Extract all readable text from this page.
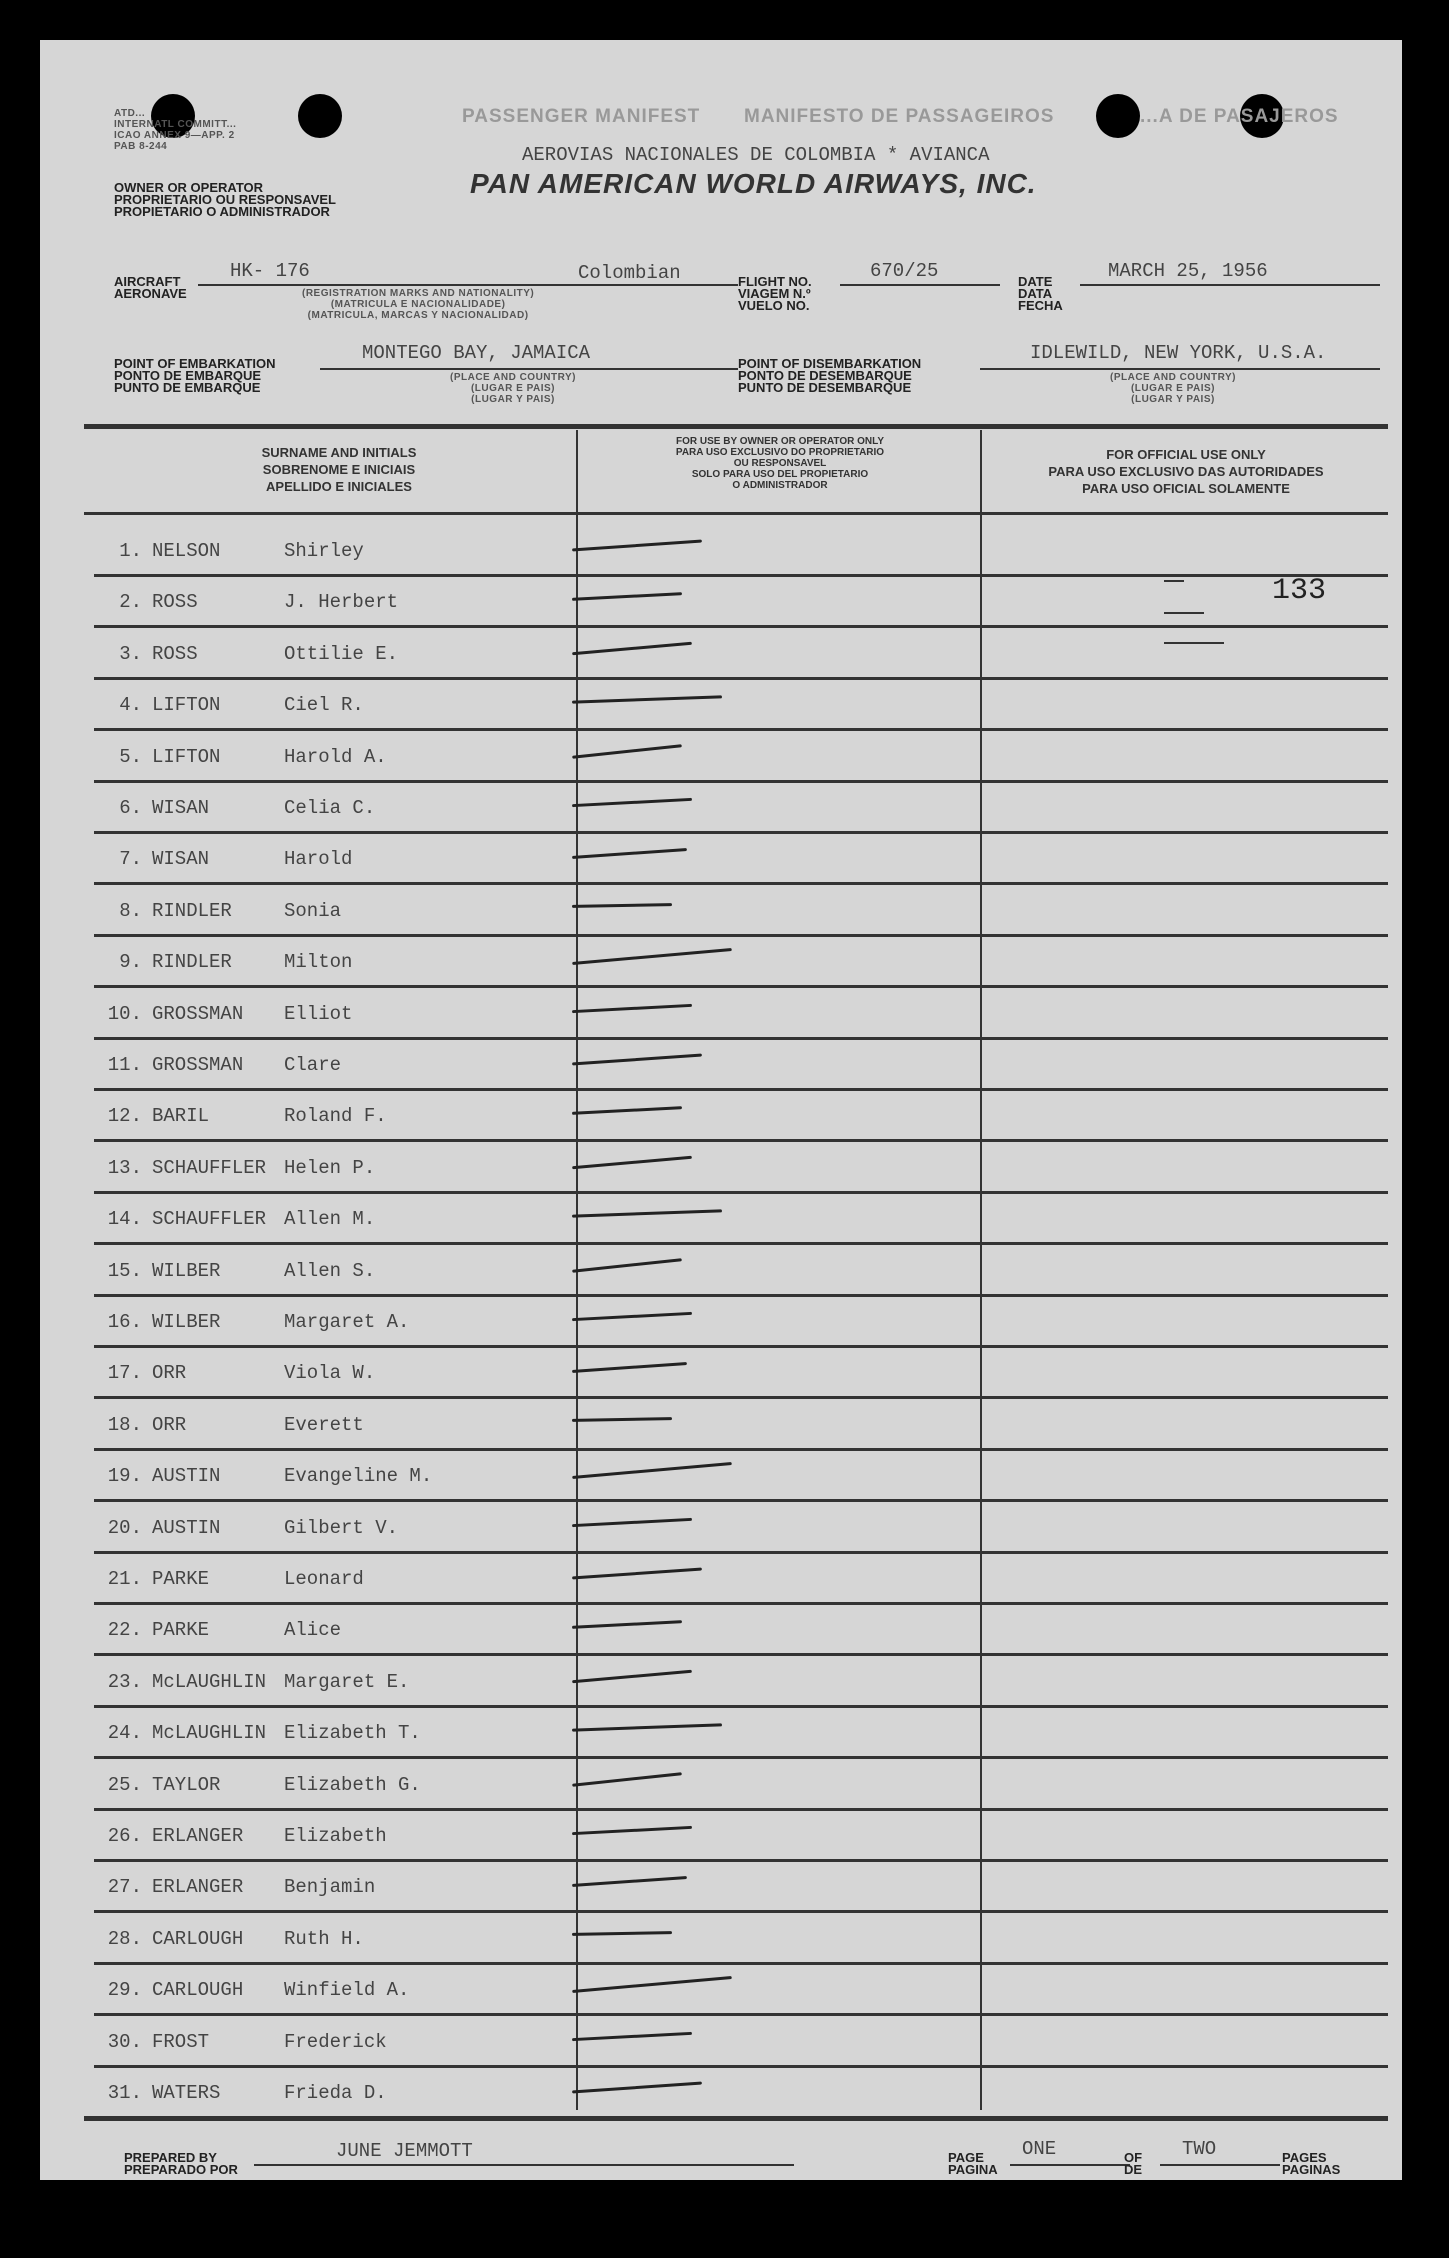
ATD...
INTERNATL COMMITT...
ICAO ANNEX 9—APP. 2
PAB 8-244
PASSENGER MANIFEST MANIFESTO DE PASSAGEIROS	...A DE PASAJEROS
AEROVIAS NACIONALES DE COLOMBIA * AVIANCA
PAN AMERICAN WORLD AIRWAYS, INC.
OWNER OR OPERATOR
PROPRIETARIO OU RESPONSAVEL
PROPIETARIO O ADMINISTRADOR
AIRCRAFT
AERONAVE
HK- 176	Colombian
(REGISTRATION MARKS AND NATIONALITY)
(MATRICULA E NACIONALIDADE)
(MATRICULA, MARCAS Y NACIONALIDAD)
FLIGHT NO.
VIAGEM N.º
VUELO NO.
670/25	DATE
DATA
FECHA
MARCH 25, 1956
POINT OF EMBARKATION
PONTO DE EMBARQUE
PUNTO DE EMBARQUE
MONTEGO BAY, JAMAICA
(PLACE AND COUNTRY)
(LUGAR E PAIS)
(LUGAR Y PAIS)
POINT OF DISEMBARKATION
PONTO DE DESEMBARQUE
PUNTO DE DESEMBARQUE
IDLEWILD, NEW YORK, U.S.A.
(PLACE AND COUNTRY)
(LUGAR E PAIS)
(LUGAR Y PAIS)
SURNAME AND INITIALS
SOBRENOME E INICIAIS
APELLIDO E INICIALES
FOR USE BY OWNER OR OPERATOR ONLY
PARA USO EXCLUSIVO DO PROPRIETARIO
OU RESPONSAVEL
SOLO PARA USO DEL PROPIETARIO
O ADMINISTRADOR
FOR OFFICIAL USE ONLY
PARA USO EXCLUSIVO DAS AUTORIDADES
PARA USO OFICIAL SOLAMENTE
1. NELSON	Shirley
2. ROSS	J. Herbert
3. ROSS	Ottilie E.
4. LIFTON	Ciel R.
5. LIFTON	Harold A.
6. WISAN	Celia C.
7. WISAN	Harold
8. RINDLER	Sonia
9. RINDLER	Milton
10. GROSSMAN Elliot
11. GROSSMAN Clare
12. BARIL	Roland F.
13. SCHAUFFLER Helen P.
14. SCHAUFFLER Allen M.
15. WILBER	Allen S.
16. WILBER	Margaret A.
17. ORR	Viola W.
18. ORR	Everett
19. AUSTIN	Evangeline M.
20. AUSTIN	Gilbert V.
21. PARKE	Leonard
22. PARKE	Alice
23. McLAUGHLIN Margaret E.
24. McLAUGHLIN Elizabeth T.
25. TAYLOR	Elizabeth G.
26. ERLANGER Elizabeth
27. ERLANGER Benjamin
28. CARLOUGH Ruth H.
29. CARLOUGH Winfield A.
30. FROST	Frederick
31. WATERS	Frieda D.
133
PREPARED BY
PREPARADO POR
JUNE JEMMOTT	PAGE
PAGINA
ONE	OF
DE
TWO	PAGES
PAGINAS
